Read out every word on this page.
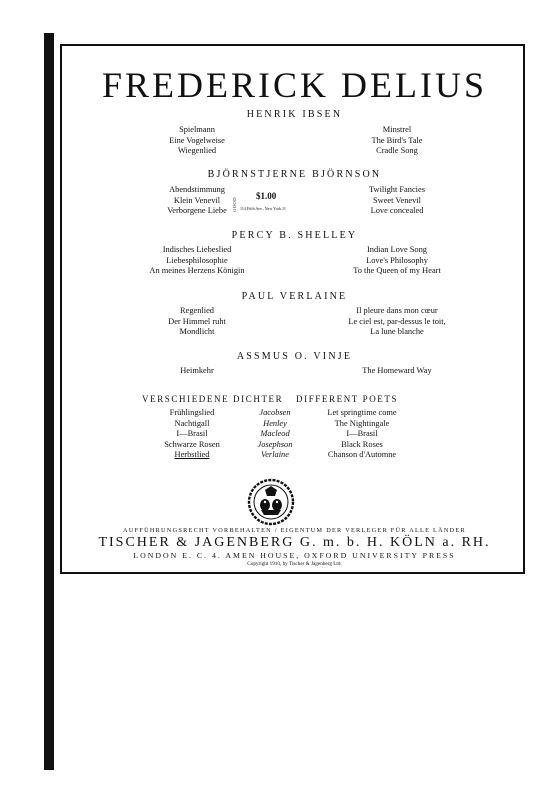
FREDERICK DELIUS
HENRIK IBSEN
Spielmann
Eine Vogelweise
Wiegenlied
Minstrel
The Bird's Tale
Cradle Song
BJÖRNSTJERNE BJÖRNSON
Abendstimmung
Klein Venevil
Verborgene Liebe	GOOD
$1.00
114 Fifth Ave., New York 11
Twilight Fancies
Sweet Venevil
Love concealed
PERCY B. SHELLEY
Indisches Liebeslied
Liebesphilosophie
An meines Herzens Königin
Indian Love Song
Love's Philosophy
To the Queen of my Heart
PAUL VERLAINE
Regenlied
Der Himmel ruht
Mondlicht
Il pleure dans mon cœur
Le ciel est, par-dessus le toit,
La lune blanche
ASSMUS O. VINJE
Heimkehr	The Homeward Way
VERSCHIEDENE DICHTER DIFFERENT POETS
Frühlingslied
Nachtigall
I—Brasil
Schwarze Rosen
Herbstlied
Jacobsen
Henley
Macleod
Josephson
Verlaine
Let springtime come
The Nightingale
I—Brasil
Black Roses
Chanson d'Automne
AUFFÜHRUNGSRECHT VORBEHALTEN / EIGENTUM DER VERLEGER FÜR ALLE LÄNDER
TISCHER & JAGENBERG G. m. b. H. KÖLN a. RH.
LONDON E. C. 4. AMEN HOUSE, OXFORD UNIVERSITY PRESS
Copyright 1910, by Tischer & Jagenberg Ltd.
